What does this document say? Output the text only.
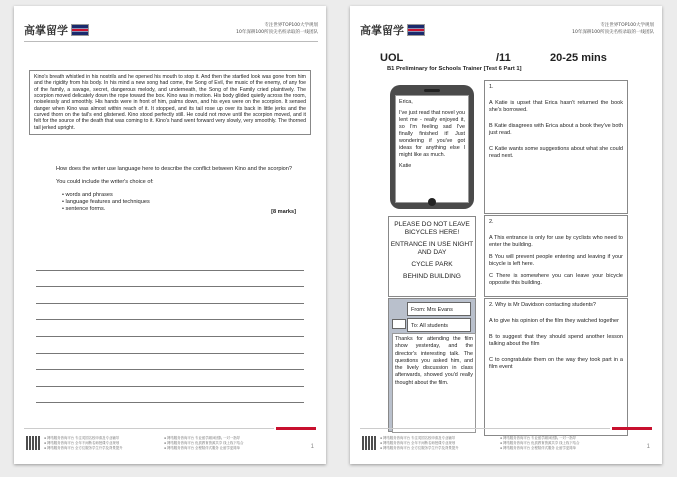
高掌留学	专注世界TOP100大学规划
10年深耕100所顶尖名校录取的一线团队
Kino's breath whistled in his nostrils and he opened his mouth to stop it. And then the startled look was gone from him and the rigidity from his body. In his mind a new song had come, the Song of Evil, the music of the enemy, of any foe of the family, a savage, secret, dangerous melody, and underneath, the Song of the Family cried plaintively. The scorpion moved delicately down the rope toward the box. Kino was in motion. His body glided quietly across the room, noiselessly and smoothly. His hands were in front of him, palms down, and his eyes were on the scorpion. It sensed danger when Kino was almost within reach of it. It stopped, and its tail rose up over its back in little jerks and the curved thorn on the tail's end glistened. Kino stood perfectly still. He could not move until the scorpion moved, and it felt for the source of the death that was coming to it. Kino's hand went forward very slowly, very smoothly. The thorned tail jerked upright.

How does the writer use language here to describe the conflict between Kino and the scorpion?

You could include the writer's choice of:

• words and phrases
• language features and techniques
• sentence forms.	[8 marks]
● 网络服务咨询平台 专注英国名校申请及专业辅导
● 网络服务咨询平台 全年不间断名师授课专业规划
● 网络服务咨询平台 全方位服务学生升学及背景提升
● 网络服务咨询平台 专业留学顾问团队 一对一指导
● 网络服务咨询平台 优质教育资源共享 线上线下结合
● 网络服务咨询平台 全程陪伴式服务 让留学更简单	1
高掌留学	专注世界TOP100大学规划
10年深耕100所顶尖名校录取的一线团队
UOL	/11	20-25 mins
B1 Preliminary for Schools Trainer [Test 6 Part 1]

Erica,

I've just read that novel you lent me - really enjoyed it, so I'm feeling sad I've finally finished it! Just wondering if you've got ideas for anything else I might like as much.

Katie

1.

A Katie is upset that Erica hasn't returned the book she's borrowed.

B Katie disagrees with Erica about a book they've both just read.

C Katie wants some suggestions about what she could read next.

PLEASE DO NOT LEAVE BICYCLES HERE!
ENTRANCE IN USE NIGHT AND DAY
CYCLE PARK
BEHIND BUILDING

2.

A This entrance is only for use by cyclists who need to enter the building.

B You will prevent people entering and leaving if your bicycle is left here.

C There is somewhere you can leave your bicycle opposite this building.

From: Mrs Evans
To: All students
Thanks for attending the film show yesterday, and the director's interesting talk. The questions you asked him, and the lively discussion in class afterwards, showed you'd really thought about the film.

2. Why is Mr Davidson contacting students?

A to give his opinion of the film they watched together

B to suggest that they should spend another lesson talking about the film

C to congratulate them on the way they took part in a film event

● 网络服务咨询平台 专注英国名校申请及专业辅导
● 网络服务咨询平台 全年不间断名师授课专业规划
● 网络服务咨询平台 全方位服务学生升学及背景提升
● 网络服务咨询平台 专业留学顾问团队 一对一指导
● 网络服务咨询平台 优质教育资源共享 线上线下结合
● 网络服务咨询平台 全程陪伴式服务 让留学更简单	1
